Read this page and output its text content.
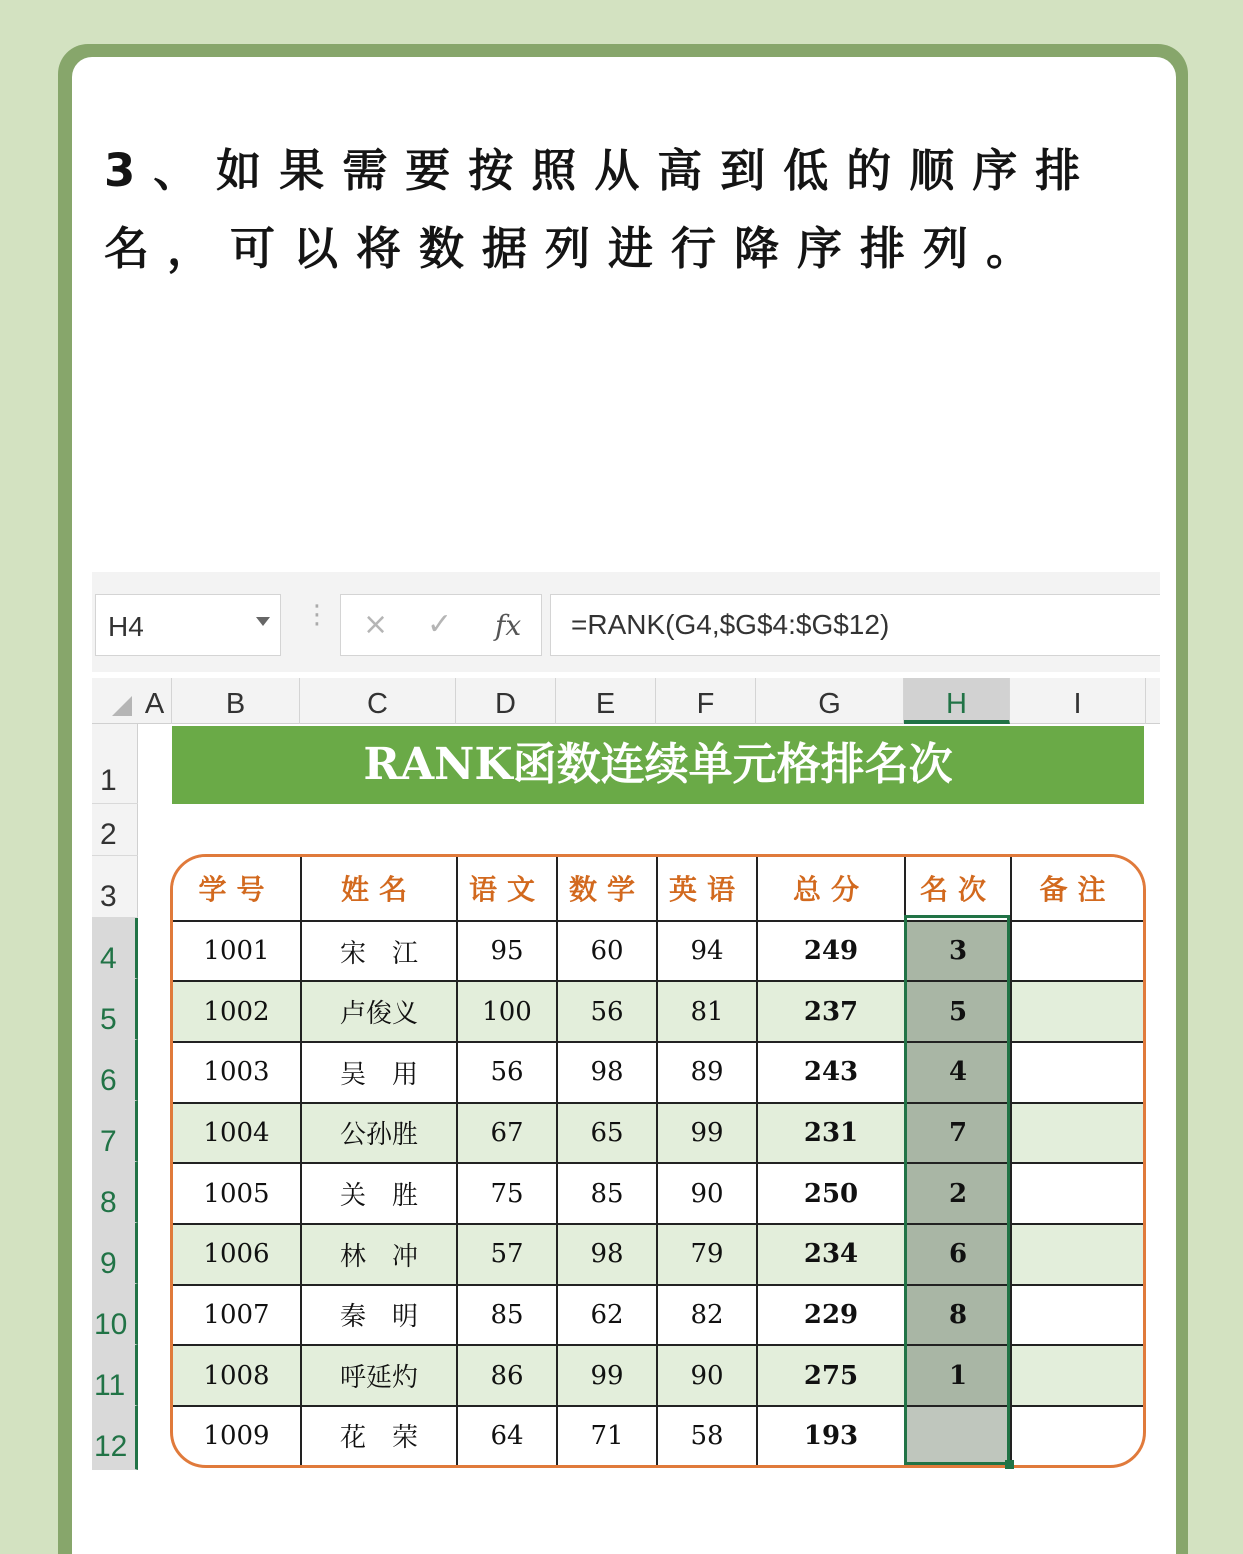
3、如果需要按照从高到低的顺序排名，可以将数据列进行降序排列。
H4	⋮ × ✓ fx	=RANK(G4,$G$4:$G$12)
A	B	C	D	E	F	G	H	I
1
2
3
4
5
6
7
8
9
10
11
12
RANK函数连续单元格排名次
学号	姓名	语文	数学	英语	总分	名次	备注
1001	宋　江	95	60	94	249	3	
1002	卢俊义	100	56	81	237	5	
1003	吴　用	56	98	89	243	4	
1004	公孙胜	67	65	99	231	7	
1005	关　胜	75	85	90	250	2	
1006	林　冲	57	98	79	234	6	
1007	秦　明	85	62	82	229	8	
1008	呼延灼	86	99	90	275	1	
1009	花　荣	64	71	58	193		
